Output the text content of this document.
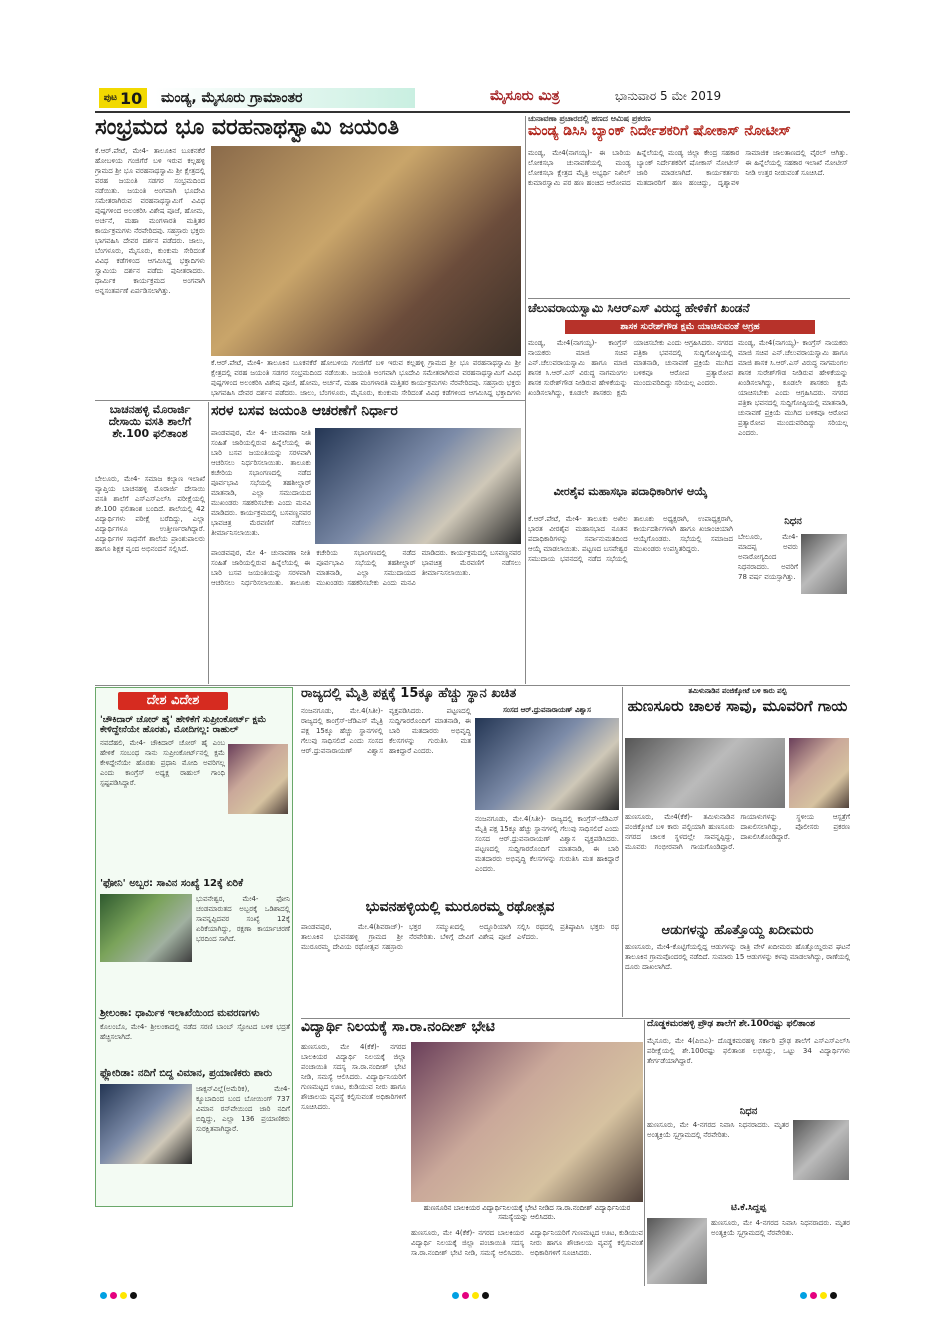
ಪುಟ 10	ಮಂಡ್ಯ, ಮೈಸೂರು ಗ್ರಾಮಾಂತರ	ಮೈಸೂರು ಮಿತ್ರ	ಭಾನುವಾರ 5 ಮೇ 2019
ಸಂಭ್ರಮದ ಭೂ ವರಹನಾಥಸ್ವಾಮಿ ಜಯಂತಿ
ಕೆ.ಆರ್.ಪೇಟೆ, ಮೇ4- ತಾಲೂಕಿನ ಬೂಕನಕೆರೆ ಹೋಬಳಿಯ ಗಂಜಿಗೆರೆ ಬಳಿ ಇರುವ ಕಲ್ಲಹಳ್ಳಿ ಗ್ರಾಮದ ಶ್ರೀ ಭೂ ವರಹನಾಥಸ್ವಾಮಿ ಶ್ರೀ ಕ್ಷೇತ್ರದಲ್ಲಿ ವರಹ ಜಯಂತಿ ಸಡಗರ ಸಂಭ್ರಮದಿಂದ ನಡೆಯಿತು. ಜಯಂತಿ ಅಂಗವಾಗಿ ಭೂದೇವಿ ಸಮೇತರಾಗಿರುವ ವರಹನಾಥಸ್ವಾಮಿಗೆ ವಿವಿಧ ಪುಷ್ಪಗಳಿಂದ ಅಲಂಕರಿಸಿ ವಿಶೇಷ ಪೂಜೆ, ಹೋಮ, ಅರ್ಚನೆ, ಮಹಾ ಮಂಗಳಾರತಿ ಮತ್ತಿತರ ಕಾರ್ಯಕ್ರಮಗಳು ನೆರವೇರಿದವು. ಸಹಸ್ರಾರು ಭಕ್ತರು ಭಾಗವಹಿಸಿ ದೇವರ ದರ್ಶನ ಪಡೆದರು. ಜಾಲು, ಬೆಂಗಳೂರು, ಮೈಸೂರು, ಕುಂಕುಮ ಸೇರಿದಂತೆ ವಿವಿಧ ಕಡೆಗಳಿಂದ ಆಗಮಿಸಿದ್ದ ಭಕ್ತಾದಿಗಳು ಸ್ವಾಮಿಯ ದರ್ಶನ ಪಡೆದು ಪುನೀತರಾದರು. ಧಾರ್ಮಿಕ ಕಾರ್ಯಕ್ರಮದ ಅಂಗವಾಗಿ ಅನ್ನಸಂತರ್ಪಣೆ ಏರ್ಪಡಿಸಲಾಗಿತ್ತು.
ಕೆ.ಆರ್.ಪೇಟೆ, ಮೇ4- ತಾಲೂಕಿನ ಬೂಕನಕೆರೆ ಹೋಬಳಿಯ ಗಂಜಿಗೆರೆ ಬಳಿ ಇರುವ ಕಲ್ಲಹಳ್ಳಿ ಗ್ರಾಮದ ಶ್ರೀ ಭೂ ವರಹನಾಥಸ್ವಾಮಿ ಶ್ರೀ ಕ್ಷೇತ್ರದಲ್ಲಿ ವರಹ ಜಯಂತಿ ಸಡಗರ ಸಂಭ್ರಮದಿಂದ ನಡೆಯಿತು. ಜಯಂತಿ ಅಂಗವಾಗಿ ಭೂದೇವಿ ಸಮೇತರಾಗಿರುವ ವರಹನಾಥಸ್ವಾಮಿಗೆ ವಿವಿಧ ಪುಷ್ಪಗಳಿಂದ ಅಲಂಕರಿಸಿ ವಿಶೇಷ ಪೂಜೆ, ಹೋಮ, ಅರ್ಚನೆ, ಮಹಾ ಮಂಗಳಾರತಿ ಮತ್ತಿತರ ಕಾರ್ಯಕ್ರಮಗಳು ನೆರವೇರಿದವು. ಸಹಸ್ರಾರು ಭಕ್ತರು ಭಾಗವಹಿಸಿ ದೇವರ ದರ್ಶನ ಪಡೆದರು. ಜಾಲು, ಬೆಂಗಳೂರು, ಮೈಸೂರು, ಕುಂಕುಮ ಸೇರಿದಂತೆ ವಿವಿಧ ಕಡೆಗಳಿಂದ ಆಗಮಿಸಿದ್ದ ಭಕ್ತಾದಿಗಳು
ಚುನಾವಣಾ ಪ್ರಚಾರದಲ್ಲಿ ಹಣದ ಆಮಿಷ ಪ್ರಕರಣ
ಮಂಡ್ಯ ಡಿಸಿಸಿ ಬ್ಯಾಂಕ್ ನಿರ್ದೇಶಕರಿಗೆ ಷೋಕಾಸ್ ನೋಟೀಸ್
ಮಂಡ್ಯ, ಮೇ4(ನಾಗಯ್ಯ)- ಈ ಬಾರಿಯ ಲೋಕಸಭಾ ಚುನಾವಣೆಯಲ್ಲಿ ಮಂಡ್ಯ ಲೋಕಸಭಾ ಕ್ಷೇತ್ರದ ಮೈತ್ರಿ ಅಭ್ಯರ್ಥಿ ನಿಖಿಲ್ ಕುಮಾರಸ್ವಾಮಿ ಪರ ಹಣ ಹಂಚಿದ ಆರೋಪದ ಹಿನ್ನೆಲೆಯಲ್ಲಿ ಮಂಡ್ಯ ಜಿಲ್ಲಾ ಕೇಂದ್ರ ಸಹಕಾರ ಬ್ಯಾಂಕ್ ನಿರ್ದೇಶಕರಿಗೆ ಷೋಕಾಸ್ ನೋಟೀಸ್ ಜಾರಿ ಮಾಡಲಾಗಿದೆ. ಕಾರ್ಯಕರ್ತರು ಮತದಾರರಿಗೆ ಹಣ ಹಂಚಿದ್ದು, ದೃಶ್ಯಾವಳಿ ಸಾಮಾಜಿಕ ಜಾಲತಾಣದಲ್ಲಿ ವೈರಲ್ ಆಗಿತ್ತು. ಈ ಹಿನ್ನೆಲೆಯಲ್ಲಿ ಸಹಕಾರ ಇಲಾಖೆ ನೋಟೀಸ್ ನೀಡಿ ಉತ್ತರ ನೀಡುವಂತೆ ಸೂಚಿಸಿದೆ.
ಚೆಲುವರಾಯಸ್ವಾಮಿ ಸಿಆರ್‌ಎಸ್ ವಿರುದ್ಧ ಹೇಳಿಕೆಗೆ ಖಂಡನೆ
ಶಾಸಕ ಸುರೇಶ್‌ಗೌಡ ಕ್ಷಮೆ ಯಾಚಿಸುವಂತೆ ಆಗ್ರಹ
ಮಂಡ್ಯ, ಮೇ4(ನಾಗಯ್ಯ)- ಕಾಂಗ್ರೆಸ್ ನಾಯಕರು ಮಾಜಿ ಸಚಿವ ಎನ್.ಚೆಲುವರಾಯಸ್ವಾಮಿ ಹಾಗೂ ಮಾಜಿ ಶಾಸಕ ಸಿ.ಆರ್.ಎಸ್ ವಿರುದ್ಧ ನಾಗಮಂಗಲ ಶಾಸಕ ಸುರೇಶ್‌ಗೌಡ ನೀಡಿರುವ ಹೇಳಿಕೆಯನ್ನು ಖಂಡಿಸಲಾಗಿದ್ದು, ಕೂಡಲೇ ಶಾಸಕರು ಕ್ಷಮೆ ಯಾಚಿಸಬೇಕು ಎಂದು ಆಗ್ರಹಿಸಿದರು. ನಗರದ ಪತ್ರಿಕಾ ಭವನದಲ್ಲಿ ಸುದ್ದಿಗೋಷ್ಠಿಯಲ್ಲಿ ಮಾತನಾಡಿ, ಚುನಾವಣೆ ಪ್ರಕ್ರಿಯೆ ಮುಗಿದ ಬಳಿಕವೂ ಆರೋಪ ಪ್ರತ್ಯಾರೋಪ ಮುಂದುವರಿದಿದ್ದು ಸರಿಯಲ್ಲ ಎಂದರು.
ಮಂಡ್ಯ, ಮೇ4(ನಾಗಯ್ಯ)- ಕಾಂಗ್ರೆಸ್ ನಾಯಕರು ಮಾಜಿ ಸಚಿವ ಎನ್.ಚೆಲುವರಾಯಸ್ವಾಮಿ ಹಾಗೂ ಮಾಜಿ ಶಾಸಕ ಸಿ.ಆರ್.ಎಸ್ ವಿರುದ್ಧ ನಾಗಮಂಗಲ ಶಾಸಕ ಸುರೇಶ್‌ಗೌಡ ನೀಡಿರುವ ಹೇಳಿಕೆಯನ್ನು ಖಂಡಿಸಲಾಗಿದ್ದು, ಕೂಡಲೇ ಶಾಸಕರು ಕ್ಷಮೆ ಯಾಚಿಸಬೇಕು ಎಂದು ಆಗ್ರಹಿಸಿದರು. ನಗರದ ಪತ್ರಿಕಾ ಭವನದಲ್ಲಿ ಸುದ್ದಿಗೋಷ್ಠಿಯಲ್ಲಿ ಮಾತನಾಡಿ, ಚುನಾವಣೆ ಪ್ರಕ್ರಿಯೆ ಮುಗಿದ ಬಳಿಕವೂ ಆರೋಪ ಪ್ರತ್ಯಾರೋಪ ಮುಂದುವರಿದಿದ್ದು ಸರಿಯಲ್ಲ ಎಂದರು.
ವೀರಶೈವ ಮಹಾಸಭಾ ಪದಾಧಿಕಾರಿಗಳ ಆಯ್ಕೆ
ಕೆ.ಆರ್.ಪೇಟೆ, ಮೇ4- ತಾಲೂಕು ಅಖಿಲ ಭಾರತ ವೀರಶೈವ ಮಹಾಸಭಾದ ನೂತನ ಪದಾಧಿಕಾರಿಗಳನ್ನು ಸರ್ವಾನುಮತದಿಂದ ಆಯ್ಕೆ ಮಾಡಲಾಯಿತು. ಪಟ್ಟಣದ ಬಸವೇಶ್ವರ ಸಮುದಾಯ ಭವನದಲ್ಲಿ ನಡೆದ ಸಭೆಯಲ್ಲಿ ತಾಲೂಕು ಅಧ್ಯಕ್ಷರಾಗಿ, ಉಪಾಧ್ಯಕ್ಷರಾಗಿ, ಕಾರ್ಯದರ್ಶಿಗಳಾಗಿ ಹಾಗೂ ಖಜಾಂಚಿಯಾಗಿ ಆಯ್ಕೆಗೊಂಡರು. ಸಭೆಯಲ್ಲಿ ಸಮಾಜದ ಮುಖಂಡರು ಉಪಸ್ಥಿತರಿದ್ದರು.
ನಿಧನ
ಬೇಲೂರು, ಮೇ4- ಮಾದಪ್ಪ ಅವರು ಅನಾರೋಗ್ಯದಿಂದ ನಿಧನರಾದರು. ಅವರಿಗೆ 78 ವರ್ಷ ವಯಸ್ಸಾಗಿತ್ತು.
ಬಾಚನಹಳ್ಳಿ ಮೊರಾರ್ಜಿ ದೇಸಾಯಿ ವಸತಿ ಶಾಲೆಗೆ ಶೇ.100 ಫಲಿತಾಂಶ
ಬೇಲೂರು, ಮೇ4- ಸಮಾಜ ಕಲ್ಯಾಣ ಇಲಾಖೆ ವ್ಯಾಪ್ತಿಯ ಬಾಚನಹಳ್ಳಿ ಮೊರಾರ್ಜಿ ದೇಸಾಯಿ ವಸತಿ ಶಾಲೆಗೆ ಎಸ್‌ಎಸ್‌ಎಲ್‌ಸಿ ಪರೀಕ್ಷೆಯಲ್ಲಿ ಶೇ.100 ಫಲಿತಾಂಶ ಬಂದಿದೆ. ಶಾಲೆಯಲ್ಲಿ 42 ವಿದ್ಯಾರ್ಥಿಗಳು ಪರೀಕ್ಷೆ ಬರೆದಿದ್ದು, ಎಲ್ಲಾ ವಿದ್ಯಾರ್ಥಿಗಳೂ ಉತ್ತೀರ್ಣರಾಗಿದ್ದಾರೆ. ವಿದ್ಯಾರ್ಥಿಗಳ ಸಾಧನೆಗೆ ಶಾಲೆಯ ಪ್ರಾಂಶುಪಾಲರು ಹಾಗೂ ಶಿಕ್ಷಕ ವೃಂದ ಅಭಿನಂದನೆ ಸಲ್ಲಿಸಿದೆ.
ಸರಳ ಬಸವ ಜಯಂತಿ ಆಚರಣೆಗೆ ನಿರ್ಧಾರ
ಪಾಂಡವಪುರ, ಮೇ 4- ಚುನಾವಣಾ ನೀತಿ ಸಂಹಿತೆ ಜಾರಿಯಲ್ಲಿರುವ ಹಿನ್ನೆಲೆಯಲ್ಲಿ ಈ ಬಾರಿ ಬಸವ ಜಯಂತಿಯನ್ನು ಸರಳವಾಗಿ ಆಚರಿಸಲು ನಿರ್ಧರಿಸಲಾಯಿತು. ತಾಲೂಕು ಕಚೇರಿಯ ಸಭಾಂಗಣದಲ್ಲಿ ನಡೆದ ಪೂರ್ವಭಾವಿ ಸಭೆಯಲ್ಲಿ ತಹಶೀಲ್ದಾರ್ ಮಾತನಾಡಿ, ಎಲ್ಲಾ ಸಮುದಾಯದ ಮುಖಂಡರು ಸಹಕರಿಸಬೇಕು ಎಂದು ಮನವಿ ಮಾಡಿದರು. ಕಾರ್ಯಕ್ರಮದಲ್ಲಿ ಬಸವಣ್ಣನವರ ಭಾವಚಿತ್ರ ಮೆರವಣಿಗೆ ನಡೆಸಲು ತೀರ್ಮಾನಿಸಲಾಯಿತು.
ಪಾಂಡವಪುರ, ಮೇ 4- ಚುನಾವಣಾ ನೀತಿ ಸಂಹಿತೆ ಜಾರಿಯಲ್ಲಿರುವ ಹಿನ್ನೆಲೆಯಲ್ಲಿ ಈ ಬಾರಿ ಬಸವ ಜಯಂತಿಯನ್ನು ಸರಳವಾಗಿ ಆಚರಿಸಲು ನಿರ್ಧರಿಸಲಾಯಿತು. ತಾಲೂಕು ಕಚೇರಿಯ ಸಭಾಂಗಣದಲ್ಲಿ ನಡೆದ ಪೂರ್ವಭಾವಿ ಸಭೆಯಲ್ಲಿ ತಹಶೀಲ್ದಾರ್ ಮಾತನಾಡಿ, ಎಲ್ಲಾ ಸಮುದಾಯದ ಮುಖಂಡರು ಸಹಕರಿಸಬೇಕು ಎಂದು ಮನವಿ ಮಾಡಿದರು. ಕಾರ್ಯಕ್ರಮದಲ್ಲಿ ಬಸವಣ್ಣನವರ ಭಾವಚಿತ್ರ ಮೆರವಣಿಗೆ ನಡೆಸಲು ತೀರ್ಮಾನಿಸಲಾಯಿತು.
ದೇಶ ವಿದೇಶ
'ಚೌಕಿದಾರ್ ಚೋರ್ ಹೈ' ಹೇಳಿಕೆಗೆ ಸುಪ್ರೀಂಕೋರ್ಟ್ ಕ್ಷಮೆ ಕೇಳಿದ್ದೇನೆಯೇ ಹೊರತು, ಮೋದಿಗಲ್ಲ: ರಾಹುಲ್
ನವದೆಹಲಿ, ಮೇ4- ಚೌಕಿದಾರ್ ಚೋರ್ ಹೈ ಎಂಬ ಹೇಳಿಕೆ ಸಂಬಂಧ ನಾನು ಸುಪ್ರೀಂಕೋರ್ಟ್‌ನಲ್ಲಿ ಕ್ಷಮೆ ಕೇಳಿದ್ದೇನೆಯೇ ಹೊರತು ಪ್ರಧಾನಿ ಮೋದಿ ಅವರಿಗಲ್ಲ ಎಂದು ಕಾಂಗ್ರೆಸ್ ಅಧ್ಯಕ್ಷ ರಾಹುಲ್ ಗಾಂಧಿ ಸ್ಪಷ್ಟಪಡಿಸಿದ್ದಾರೆ.
'ಫೋನಿ' ಅಬ್ಬರ: ಸಾವಿನ ಸಂಖ್ಯೆ 12ಕ್ಕೆ ಏರಿಕೆ
ಭುವನೇಶ್ವರ, ಮೇ4- ಫೋನಿ ಚಂಡಮಾರುತದ ಅಬ್ಬರಕ್ಕೆ ಒಡಿಶಾದಲ್ಲಿ ಸಾವನ್ನಪ್ಪಿದವರ ಸಂಖ್ಯೆ 12ಕ್ಕೆ ಏರಿಕೆಯಾಗಿದ್ದು, ರಕ್ಷಣಾ ಕಾರ್ಯಾಚರಣೆ ಭರದಿಂದ ಸಾಗಿದೆ.
ಶ್ರೀಲಂಕಾ: ಧಾರ್ಮಿಕ ಇಲಾಖೆಯಿಂದ ಮವರಣಗಳು
ಕೊಲಂಬೊ, ಮೇ4- ಶ್ರೀಲಂಕಾದಲ್ಲಿ ನಡೆದ ಸರಣಿ ಬಾಂಬ್ ಸ್ಫೋಟದ ಬಳಿಕ ಭದ್ರತೆ ಹೆಚ್ಚಿಸಲಾಗಿದೆ.
ಫ್ಲೋರಿಡಾ: ನದಿಗೆ ಬಿದ್ದ ವಿಮಾನ, ಪ್ರಯಾಣಿಕರು ಪಾರು
ಜಾಕ್ಸನ್‌ವಿಲ್ಲೆ(ಅಮೆರಿಕ), ಮೇ4- ಕ್ಯೂಬಾದಿಂದ ಬಂದ ಬೋಯಿಂಗ್ 737 ವಿಮಾನ ರನ್‌ವೇಯಿಂದ ಜಾರಿ ನದಿಗೆ ಬಿದ್ದಿದ್ದು, ಎಲ್ಲಾ 136 ಪ್ರಯಾಣಿಕರು ಸುರಕ್ಷಿತವಾಗಿದ್ದಾರೆ.
ರಾಜ್ಯದಲ್ಲಿ ಮೈತ್ರಿ ಪಕ್ಷಕ್ಕೆ 15ಕ್ಕೂ ಹೆಚ್ಚು ಸ್ಥಾನ ಖಚಿತ
ನಂಜನಗೂಡು, ಮೇ.4(ಸಿತೀ)- ರಾಜ್ಯದಲ್ಲಿ ಕಾಂಗ್ರೆಸ್-ಜೆಡಿಎಸ್ ಮೈತ್ರಿ ಪಕ್ಷ 15ಕ್ಕೂ ಹೆಚ್ಚು ಸ್ಥಾನಗಳಲ್ಲಿ ಗೆಲುವು ಸಾಧಿಸಲಿದೆ ಎಂದು ಸಂಸದ ಆರ್.ಧ್ರುವನಾರಾಯಣ್ ವಿಶ್ವಾಸ ವ್ಯಕ್ತಪಡಿಸಿದರು. ಪಟ್ಟಣದಲ್ಲಿ ಸುದ್ದಿಗಾರರೊಂದಿಗೆ ಮಾತನಾಡಿ, ಈ ಬಾರಿ ಮತದಾರರು ಅಭಿವೃದ್ಧಿ ಕೆಲಸಗಳನ್ನು ಗುರುತಿಸಿ ಮತ ಹಾಕಿದ್ದಾರೆ ಎಂದರು.
ಸಂಸದ ಆರ್.ಧ್ರುವನಾರಾಯಣ್ ವಿಶ್ವಾಸ
ನಂಜನಗೂಡು, ಮೇ.4(ಸಿತೀ)- ರಾಜ್ಯದಲ್ಲಿ ಕಾಂಗ್ರೆಸ್-ಜೆಡಿಎಸ್ ಮೈತ್ರಿ ಪಕ್ಷ 15ಕ್ಕೂ ಹೆಚ್ಚು ಸ್ಥಾನಗಳಲ್ಲಿ ಗೆಲುವು ಸಾಧಿಸಲಿದೆ ಎಂದು ಸಂಸದ ಆರ್.ಧ್ರುವನಾರಾಯಣ್ ವಿಶ್ವಾಸ ವ್ಯಕ್ತಪಡಿಸಿದರು. ಪಟ್ಟಣದಲ್ಲಿ ಸುದ್ದಿಗಾರರೊಂದಿಗೆ ಮಾತನಾಡಿ, ಈ ಬಾರಿ ಮತದಾರರು ಅಭಿವೃದ್ಧಿ ಕೆಲಸಗಳನ್ನು ಗುರುತಿಸಿ ಮತ ಹಾಕಿದ್ದಾರೆ ಎಂದರು.
ಭುವನಹಳ್ಳಿಯಲ್ಲಿ ಮುರೂರಮ್ಮ ರಥೋತ್ಸವ
ಪಾಂಡವಪುರ, ಮೇ.4(ಶಿವರಾಜ್)- ತಾಲೂಕಿನ ಭುವನಹಳ್ಳಿ ಗ್ರಾಮದ ಶ್ರೀ ಮುರೂರಮ್ಮ ದೇವಿಯ ರಥೋತ್ಸವ ಸಹಸ್ರಾರು ಭಕ್ತರ ಸಮ್ಮುಖದಲ್ಲಿ ಅದ್ದೂರಿಯಾಗಿ ನೆರವೇರಿತು. ಬೆಳಿಗ್ಗೆ ದೇವಿಗೆ ವಿಶೇಷ ಪೂಜೆ ಸಲ್ಲಿಸಿ ರಥದಲ್ಲಿ ಪ್ರತಿಷ್ಠಾಪಿಸಿ ಭಕ್ತರು ರಥ ಎಳೆದರು.
ವಿದ್ಯಾರ್ಥಿ ನಿಲಯಕ್ಕೆ ಸಾ.ರಾ.ನಂದೀಶ್ ಭೇಟಿ
ಹುಣಸೂರು, ಮೇ 4(ಕೆಕೆ)- ನಗರದ ಬಾಲಕಿಯರ ವಿದ್ಯಾರ್ಥಿ ನಿಲಯಕ್ಕೆ ಜಿಲ್ಲಾ ಪಂಚಾಯಿತಿ ಸದಸ್ಯ ಸಾ.ರಾ.ನಂದೀಶ್ ಭೇಟಿ ನೀಡಿ, ಸಮಸ್ಯೆ ಆಲಿಸಿದರು. ವಿದ್ಯಾರ್ಥಿನಿಯರಿಗೆ ಗುಣಮಟ್ಟದ ಊಟ, ಕುಡಿಯುವ ನೀರು ಹಾಗೂ ಶೌಚಾಲಯ ವ್ಯವಸ್ಥೆ ಕಲ್ಪಿಸುವಂತೆ ಅಧಿಕಾರಿಗಳಿಗೆ ಸೂಚಿಸಿದರು.
ಹುಣಸೂರಿನ ಬಾಲಕಿಯರ ವಿದ್ಯಾರ್ಥಿನಿಲಯಕ್ಕೆ ಭೇಟಿ ನೀಡಿದ ಸಾ.ರಾ.ನಂದೀಶ್ ವಿದ್ಯಾರ್ಥಿನಿಯರ ಸಮಸ್ಯೆಯನ್ನು ಆಲಿಸಿದರು.
ಹುಣಸೂರು, ಮೇ 4(ಕೆಕೆ)- ನಗರದ ಬಾಲಕಿಯರ ವಿದ್ಯಾರ್ಥಿ ನಿಲಯಕ್ಕೆ ಜಿಲ್ಲಾ ಪಂಚಾಯಿತಿ ಸದಸ್ಯ ಸಾ.ರಾ.ನಂದೀಶ್ ಭೇಟಿ ನೀಡಿ, ಸಮಸ್ಯೆ ಆಲಿಸಿದರು. ವಿದ್ಯಾರ್ಥಿನಿಯರಿಗೆ ಗುಣಮಟ್ಟದ ಊಟ, ಕುಡಿಯುವ ನೀರು ಹಾಗೂ ಶೌಚಾಲಯ ವ್ಯವಸ್ಥೆ ಕಲ್ಪಿಸುವಂತೆ ಅಧಿಕಾರಿಗಳಿಗೆ ಸೂಚಿಸಿದರು.
ತಮಿಳುನಾಡಿನ ಪಂಜಿಕ್ಕೋಟೆ ಬಳಿ ಕಾರು ಪಲ್ಟಿ
ಹುಣಸೂರು ಚಾಲಕ ಸಾವು, ಮೂವರಿಗೆ ಗಾಯ
ಹುಣಸೂರು, ಮೇ4(ಕೆಕೆ)- ತಮಿಳುನಾಡಿನ ಪಂಜಿಕ್ಕೋಟೆ ಬಳಿ ಕಾರು ಪಲ್ಟಿಯಾಗಿ ಹುಣಸೂರು ನಗರದ ಚಾಲಕ ಸ್ಥಳದಲ್ಲೇ ಸಾವನ್ನಪ್ಪಿದ್ದು, ಮೂವರು ಗಂಭೀರವಾಗಿ ಗಾಯಗೊಂಡಿದ್ದಾರೆ. ಗಾಯಾಳುಗಳನ್ನು ಸ್ಥಳೀಯ ಆಸ್ಪತ್ರೆಗೆ ದಾಖಲಿಸಲಾಗಿದ್ದು, ಪೊಲೀಸರು ಪ್ರಕರಣ ದಾಖಲಿಸಿಕೊಂಡಿದ್ದಾರೆ.
ಆಡುಗಳನ್ನು ಹೊತ್ತೊಯ್ದ ಖದೀಮರು
ಹುಣಸೂರು, ಮೇ4-ಕೊಟ್ಟಿಗೆಯಲ್ಲಿದ್ದ ಆಡುಗಳನ್ನು ರಾತ್ರಿ ವೇಳೆ ಖದೀಮರು ಹೊತ್ತೊಯ್ದಿರುವ ಘಟನೆ ತಾಲೂಕಿನ ಗ್ರಾಮವೊಂದರಲ್ಲಿ ನಡೆದಿದೆ. ಸುಮಾರು 15 ಆಡುಗಳನ್ನು ಕಳವು ಮಾಡಲಾಗಿದ್ದು, ಠಾಣೆಯಲ್ಲಿ ದೂರು ದಾಖಲಾಗಿದೆ.
ದೊಡ್ಡಕಮರಹಳ್ಳಿ ಪ್ರೌಢ ಶಾಲೆಗೆ ಶೇ.100ರಷ್ಟು ಫಲಿತಾಂಶ
ಮೈಸೂರು, ಮೇ 4(ಪಿಬಿಎ)- ದೊಡ್ಡಕಮರಹಳ್ಳಿ ಸರ್ಕಾರಿ ಪ್ರೌಢ ಶಾಲೆಗೆ ಎಸ್‌ಎಸ್‌ಎಲ್‌ಸಿ ಪರೀಕ್ಷೆಯಲ್ಲಿ ಶೇ.100ರಷ್ಟು ಫಲಿತಾಂಶ ಲಭಿಸಿದ್ದು, ಒಟ್ಟು 34 ವಿದ್ಯಾರ್ಥಿಗಳು ತೇರ್ಗಡೆಯಾಗಿದ್ದಾರೆ.
ನಿಧನ
ಹುಣಸೂರು, ಮೇ 4-ನಗರದ ನಿವಾಸಿ ನಿಧನರಾದರು. ಮೃತರ ಅಂತ್ಯಕ್ರಿಯೆ ಸ್ವಗ್ರಾಮದಲ್ಲಿ ನೆರವೇರಿತು.
ಟಿ.ಕೆ.ಸಿದ್ದಪ್ಪ
ಹುಣಸೂರು, ಮೇ 4-ನಗರದ ನಿವಾಸಿ ನಿಧನರಾದರು. ಮೃತರ ಅಂತ್ಯಕ್ರಿಯೆ ಸ್ವಗ್ರಾಮದಲ್ಲಿ ನೆರವೇರಿತು.
